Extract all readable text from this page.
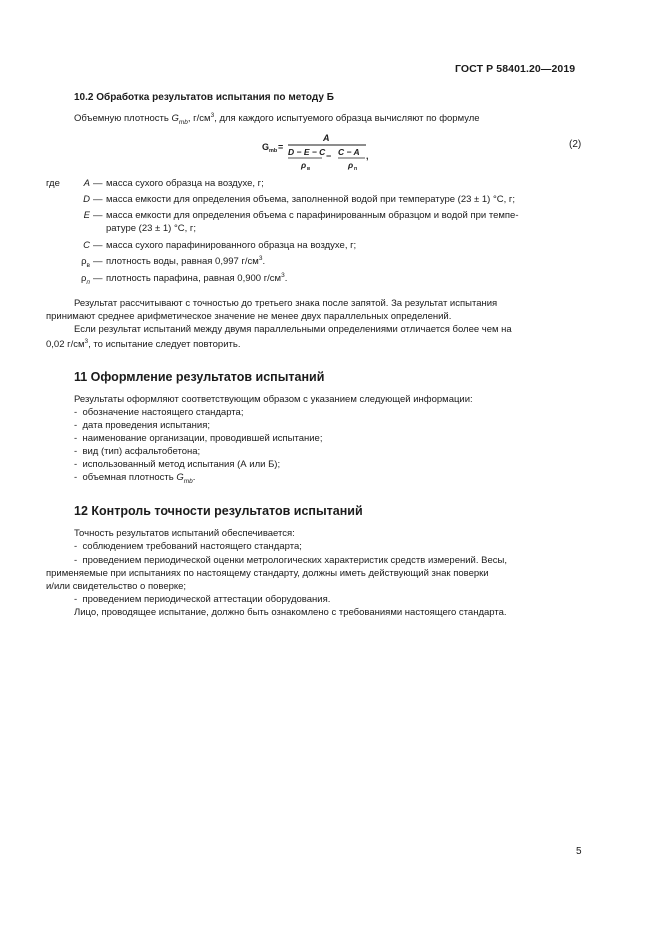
ГОСТ Р 58401.20—2019
10.2 Обработка результатов испытания по методу Б
Объемную плотность $G_{mb}$, $г/см^3$, для каждого испытуемого образца вычисляют по формуле
G mb =
A
D − E − C
ρ в
− C − A
ρ п
,
(2)
где	A — масса сухого образца на воздухе, г;
D — масса емкости для определения объема, заполненной водой при температуре (23 ± 1) °С, г;
E — масса емкости для определения объема с парафинированным образцом и водой при темпе-
ратуре (23 ± 1) °С, г;
C — масса сухого парафинированного образца на воздухе, г;
$\rho_в$ — плотность воды, равная 0,997 $г/см^3$.
$\rho_п$ — плотность парафина, равная 0,900 $г/см^3$.
Результат рассчитывают с точностью до третьего знака после запятой. За результат испытания
принимают среднее арифметическое значение не менее двух параллельных определений.
Если результат испытаний между двумя параллельными определениями отличается более чем на
0,02 $г/см^3$, то испытание следует повторить.
11 Оформление результатов испытаний
Результаты оформляют соответствующим образом с указанием следующей информации:
- обозначение настоящего стандарта;
- дата проведения испытания;
- наименование организации, проводившей испытание;
- вид (тип) асфальтобетона;
- использованный метод испытания (А или Б);
- объемная плотность $G_{mb}$.
12 Контроль точности результатов испытаний
Точность результатов испытаний обеспечивается:
- соблюдением требований настоящего стандарта;
- проведением периодической оценки метрологических характеристик средств измерений. Весы,
применяемые при испытаниях по настоящему стандарту, должны иметь действующий знак поверки
и/или свидетельство о поверке;
- проведением периодической аттестации оборудования.
Лицо, проводящее испытание, должно быть ознакомлено с требованиями настоящего стандарта.
5
